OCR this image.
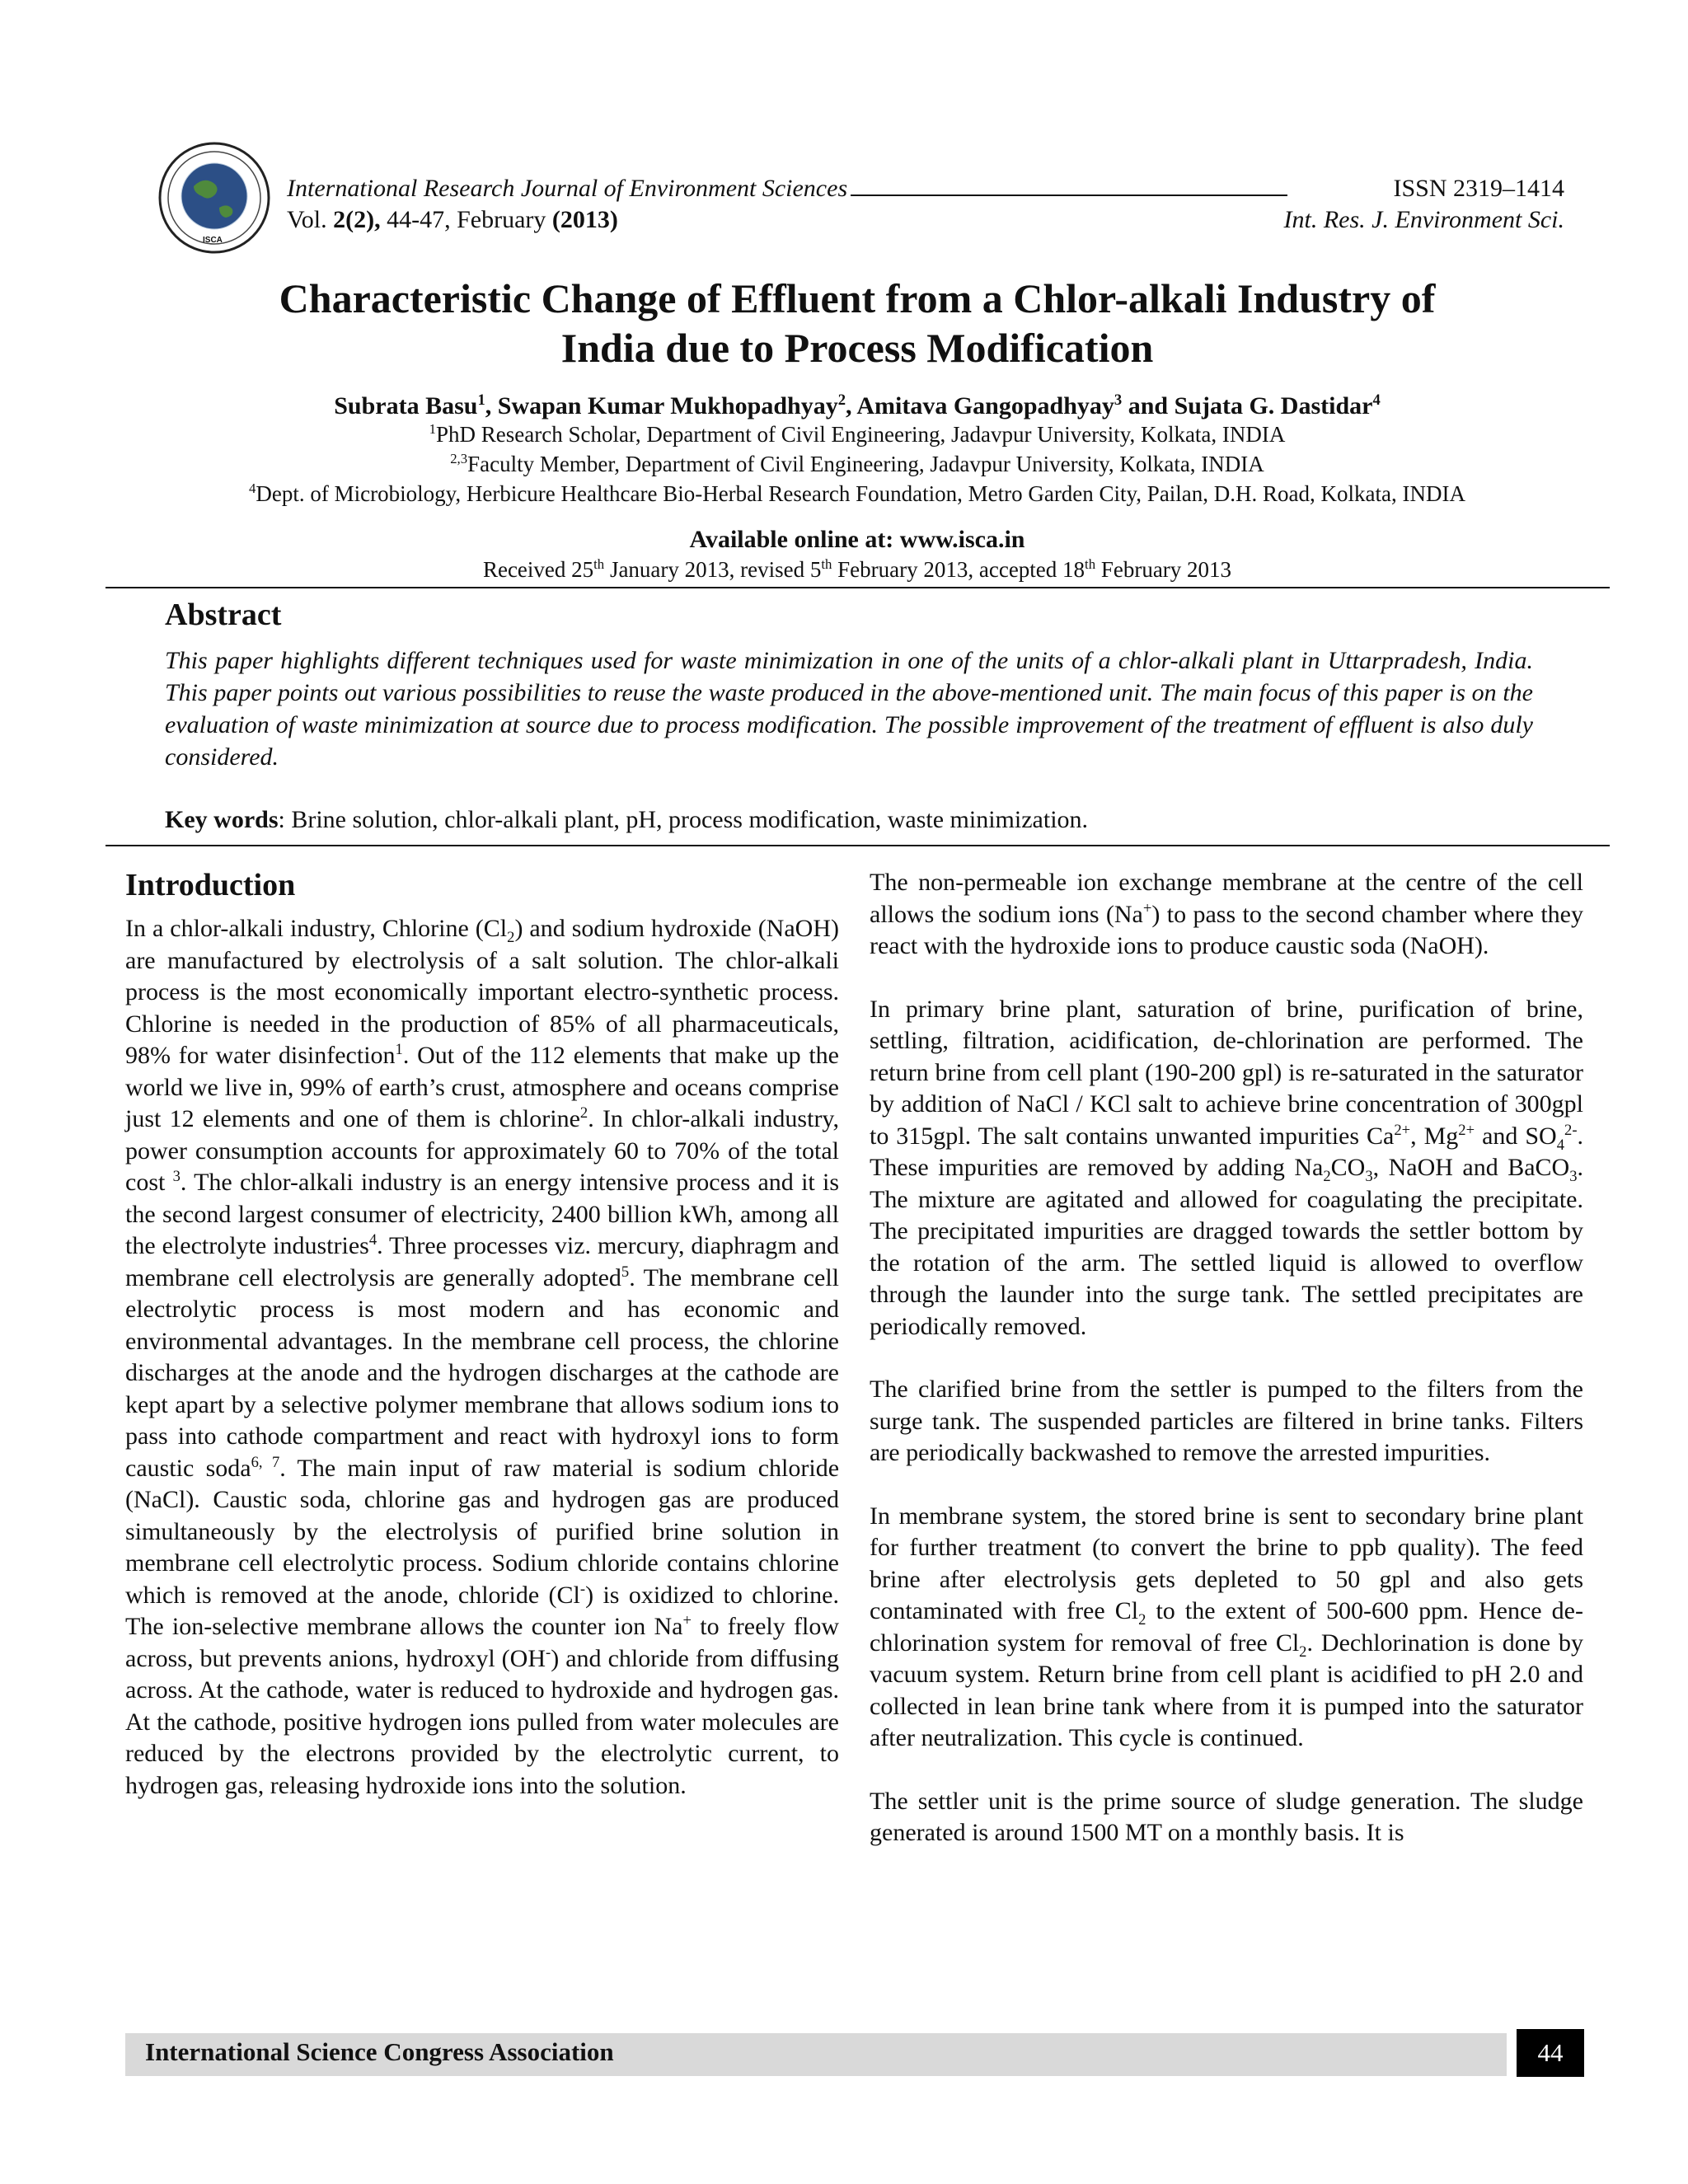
ISCA
International Research Journal of Environment Sciences	ISSN 2319–1414
Vol. 2(2), 44-47, February (2013)	Int. Res. J. Environment Sci.
Characteristic Change of Effluent from a Chlor-alkali Industry of
India due to Process Modification
Subrata Basu$^1$, Swapan Kumar Mukhopadhyay$^2$, Amitava Gangopadhyay$^3$ and Sujata G. Dastidar$^4$
$^1$PhD Research Scholar, Department of Civil Engineering, Jadavpur University, Kolkata, INDIA
$^{2,3}$Faculty Member, Department of Civil Engineering, Jadavpur University, Kolkata, INDIA
$^4$Dept. of Microbiology, Herbicure Healthcare Bio-Herbal Research Foundation, Metro Garden City, Pailan, D.H. Road, Kolkata, INDIA
Available online at: www.isca.in
Received 25th January 2013, revised 5th February 2013, accepted 18th February 2013
Abstract
This paper highlights different techniques used for waste minimization in one of the units of a chlor-alkali plant in Uttarpradesh, India. This paper points out various possibilities to reuse the waste produced in the above-mentioned unit. The main focus of this paper is on the evaluation of waste minimization at source due to process modification. The possible improvement of the treatment of effluent is also duly considered.
Key words: Brine solution, chlor-alkali plant, pH, process modification, waste minimization.
Introduction

In a chlor-alkali industry, Chlorine $(Cl_2)$ and sodium hydroxide (NaOH) are manufactured by electrolysis of a salt solution. The chlor-alkali process is the most economically important electro-synthetic process. Chlorine is needed in the production of 85% of all pharmaceuticals, 98% for water disinfection$^1$. Out of the 112 elements that make up the world we live in, 99% of earth’s crust, atmosphere and oceans comprise just 12 elements and one of them is chlorine$^2$. In chlor-alkali industry, power consumption accounts for approximately 60 to 70% of the total cost $^3$. The chlor-alkali industry is an energy intensive process and it is the second largest consumer of electricity, 2400 billion kWh, among all the electrolyte industries$^4$. Three processes viz. mercury, diaphragm and membrane cell electrolysis are generally adopted$^5$. The membrane cell electrolytic process is most modern and has economic and environmental advantages. In the membrane cell process, the chlorine discharges at the anode and the hydrogen discharges at the cathode are kept apart by a selective polymer membrane that allows sodium ions to pass into cathode compartment and react with hydroxyl ions to form caustic soda$^{6, 7}$. The main input of raw material is sodium chloride (NaCl). Caustic soda, chlorine gas and hydrogen gas are produced simultaneously by the electrolysis of purified brine solution in membrane cell electrolytic process. Sodium chloride contains chlorine which is removed at the anode, chloride (Cl-) is oxidized to chlorine. The ion-selective membrane allows the counter ion Na+ to freely flow across, but prevents anions, hydroxyl (OH-) and chloride from diffusing across. At the cathode, water is reduced to hydroxide and hydrogen gas. At the cathode, positive hydrogen ions pulled from water molecules are reduced by the electrons provided by the electrolytic current, to hydrogen gas, releasing hydroxide ions into the solution.

The non-permeable ion exchange membrane at the centre of the cell allows the sodium ions (Na+) to pass to the second chamber where they react with the hydroxide ions to produce caustic soda (NaOH).

In primary brine plant, saturation of brine, purification of brine, settling, filtration, acidification, de-chlorination are performed. The return brine from cell plant (190-200 gpl) is re-saturated in the saturator by addition of NaCl / KCl salt to achieve brine concentration of 300gpl to 315gpl. The salt contains unwanted impurities $Ca^{2+}$, $Mg^{2+}$ and $SO_4^{2-}$. These impurities are removed by adding $Na_2CO_3$, NaOH and BaCO$_3$. The mixture are agitated and allowed for coagulating the precipitate. The precipitated impurities are dragged towards the settler bottom by the rotation of the arm. The settled liquid is allowed to overflow through the launder into the surge tank. The settled precipitates are periodically removed.

The clarified brine from the settler is pumped to the filters from the surge tank. The suspended particles are filtered in brine tanks. Filters are periodically backwashed to remove the arrested impurities.

In membrane system, the stored brine is sent to secondary brine plant for further treatment (to convert the brine to ppb quality). The feed brine after electrolysis gets depleted to 50 gpl and also gets contaminated with free $Cl_2$ to the extent of 500-600 ppm. Hence de-chlorination system for removal of free $Cl_2$. Dechlorination is done by vacuum system. Return brine from cell plant is acidified to pH 2.0 and collected in lean brine tank where from it is pumped into the saturator after neutralization. This cycle is continued.

The settler unit is the prime source of sludge generation. The sludge generated is around 1500 MT on a monthly basis. It is

International Science Congress Association	44
